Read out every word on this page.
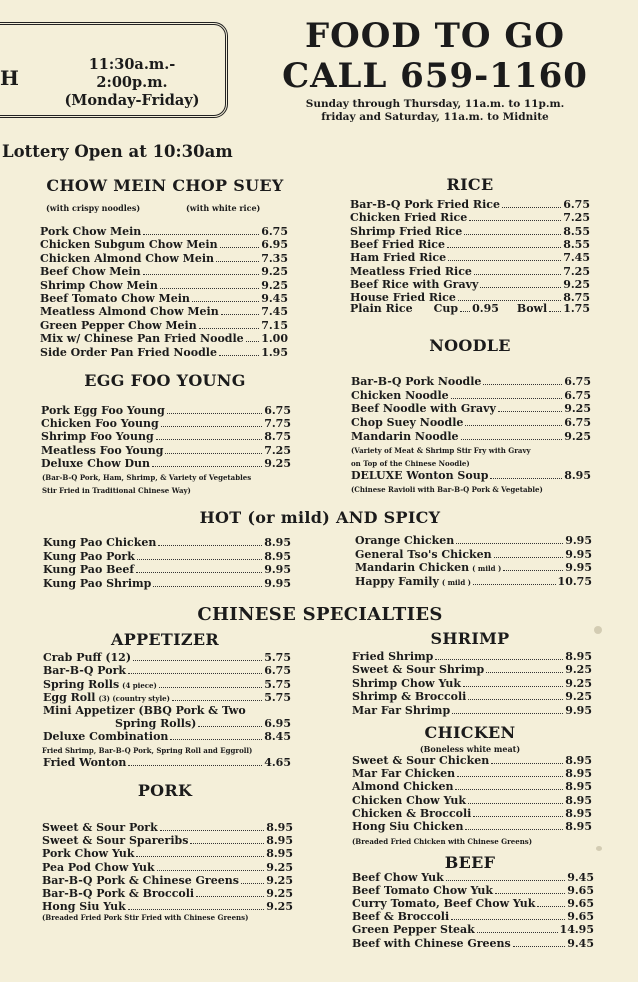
H
11:30a.m.-
2:00p.m.
(Monday-Friday)
Lottery Open at 10:30am
FOOD TO GO
CALL 659-1160
Sunday through Thursday, 11a.m. to 11p.m.
friday and Saturday, 11a.m. to Midnite
CHOW MEIN CHOP SUEY
(with crispy noodles)	(with white rice)
RICE
EGG FOO YOUNG
NOODLE
HOT (or mild) AND SPICY
CHINESE SPECIALTIES
APPETIZER	SHRIMP
CHICKEN
(Boneless white meat)
PORK
BEEF
Pork Chow Mein	6.75
Chicken Subgum Chow Mein	6.95
Chicken Almond Chow Mein	7.35
Beef Chow Mein	9.25
Shrimp Chow Mein	9.25
Beef Tomato Chow Mein	9.45
Meatless Almond Chow Mein	7.45
Green Pepper Chow Mein	7.15
Mix w/ Chinese Pan Fried Noodle 1.00
Side Order Pan Fried Noodle	1.95
Bar-B-Q Pork Fried Rice	6.75
Chicken Fried Rice	7.25
Shrimp Fried Rice	8.55
Beef Fried Rice	8.55
Ham Fried Rice	7.45
Meatless Fried Rice	7.25
Beef Rice with Gravy	9.25
House Fried Rice	8.75
Plain Rice Cup 0.95 Bowl 1.75
Pork Egg Foo Young	6.75
Chicken Foo Young	7.75
Shrimp Foo Young	8.75
Meatless Foo Young	7.25
Deluxe Chow Dun	9.25
(Bar-B-Q Pork, Ham, Shrimp, & Variety of Vegetables
Stir Fried in Traditional Chinese Way)
Bar-B-Q Pork Noodle	6.75
Chicken Noodle	6.75
Beef Noodle with Gravy	9.25
Chop Suey Noodle	6.75
Mandarin Noodle	9.25
(Variety of Meat & Shrimp Stir Fry with Gravy
on Top of the Chinese Noodle)
DELUXE Wonton Soup	8.95
(Chinese Ravioli with Bar-B-Q Pork & Vegetable)
Kung Pao Chicken	8.95
Kung Pao Pork	8.95
Kung Pao Beef	9.95
Kung Pao Shrimp	9.95
Orange Chicken	9.95
General Tso's Chicken	9.95
Mandarin Chicken ( mild )	9.95
Happy Family ( mild )	10.75
Crab Puff (12)	5.75
Bar-B-Q Pork	6.75
Spring Rolls (4 piece)	5.75
Egg Roll (3) (country style)	5.75
Mini Appetizer (BBQ Pork & Two
Spring Rolls)	6.95
Deluxe Combination	8.45
Fried Shrimp, Bar-B-Q Pork, Spring Roll and Eggroll)
Fried Wonton	4.65
Sweet & Sour Pork	8.95
Sweet & Sour Spareribs	8.95
Pork Chow Yuk	8.95
Pea Pod Chow Yuk	9.25
Bar-B-Q Pork & Chinese Greens 9.25
Bar-B-Q Pork & Broccoli	9.25
Hong Siu Yuk	9.25
(Breaded Fried Pork Stir Fried with Chinese Greens)
Fried Shrimp	8.95
Sweet & Sour Shrimp	9.25
Shrimp Chow Yuk	9.25
Shrimp & Broccoli	9.25
Mar Far Shrimp	9.95
Sweet & Sour Chicken	8.95
Mar Far Chicken	8.95
Almond Chicken	8.95
Chicken Chow Yuk	8.95
Chicken & Broccoli	8.95
Hong Siu Chicken	8.95
(Breaded Fried Chicken with Chinese Greens)
Beef Chow Yuk	9.45
Beef Tomato Chow Yuk	9.65
Curry Tomato, Beef Chow Yuk	9.65
Beef & Broccoli	9.65
Green Pepper Steak	14.95
Beef with Chinese Greens	9.45
